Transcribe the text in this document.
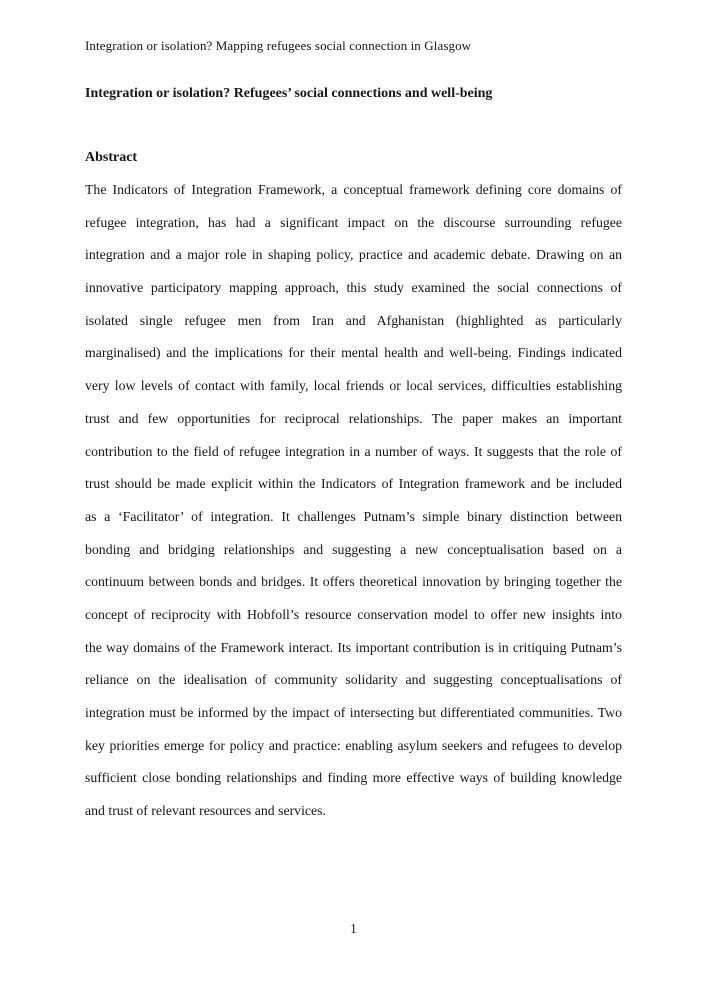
Integration or isolation? Mapping refugees social connection in Glasgow
Integration or isolation? Refugees’ social connections and well-being
Abstract
The Indicators of Integration Framework, a conceptual framework defining core domains of
refugee integration, has had a significant impact on the discourse surrounding refugee
integration and a major role in shaping policy, practice and academic debate. Drawing on an
innovative participatory mapping approach, this study examined the social connections of
isolated single refugee men from Iran and Afghanistan (highlighted as particularly
marginalised) and the implications for their mental health and well-being. Findings indicated
very low levels of contact with family, local friends or local services, difficulties establishing
trust and few opportunities for reciprocal relationships. The paper makes an important
contribution to the field of refugee integration in a number of ways. It suggests that the role of
trust should be made explicit within the Indicators of Integration framework and be included
as a ‘Facilitator’ of integration. It challenges Putnam’s simple binary distinction between
bonding and bridging relationships and suggesting a new conceptualisation based on a
continuum between bonds and bridges. It offers theoretical innovation by bringing together the
concept of reciprocity with Hobfoll’s resource conservation model to offer new insights into
the way domains of the Framework interact. Its important contribution is in critiquing Putnam’s
reliance on the idealisation of community solidarity and suggesting conceptualisations of
integration must be informed by the impact of intersecting but differentiated communities. Two
key priorities emerge for policy and practice: enabling asylum seekers and refugees to develop
sufficient close bonding relationships and finding more effective ways of building knowledge
and trust of relevant resources and services.
1
